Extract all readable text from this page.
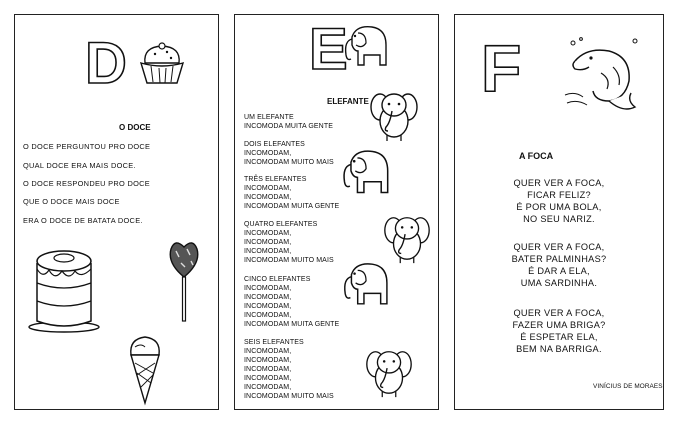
D
O DOCE
O DOCE PERGUNTOU PRO DOCE
QUAL DOCE ERA MAIS DOCE.
O DOCE RESPONDEU PRO DOCE
QUE O DOCE MAIS DOCE
ERA O DOCE DE BATATA DOCE.
E
ELEFANTE
UM ELEFANTE
INCOMODA MUITA GENTE
DOIS ELEFANTES
INCOMODAM,
INCOMODAM MUITO MAIS
TRÊS ELEFANTES
INCOMODAM,
INCOMODAM,
INCOMODAM MUITA GENTE
QUATRO ELEFANTES
INCOMODAM,
INCOMODAM,
INCOMODAM,
INCOMODAM MUITO MAIS
CINCO ELEFANTES
INCOMODAM,
INCOMODAM,
INCOMODAM,
INCOMODAM,
INCOMODAM MUITA GENTE
SEIS ELEFANTES
INCOMODAM,
INCOMODAM,
INCOMODAM,
INCOMODAM,
INCOMODAM,
INCOMODAM MUITO MAIS
F
A FOCA
QUER VER A FOCA,
FICAR FELIZ?
É POR UMA BOLA,
NO SEU NARIZ.
QUER VER A FOCA,
BATER PALMINHAS?
É DAR A ELA,
UMA SARDINHA.
QUER VER A FOCA,
FAZER UMA BRIGA?
É ESPETAR ELA,
BEM NA BARRIGA.
VINÍCIUS DE MORAES
